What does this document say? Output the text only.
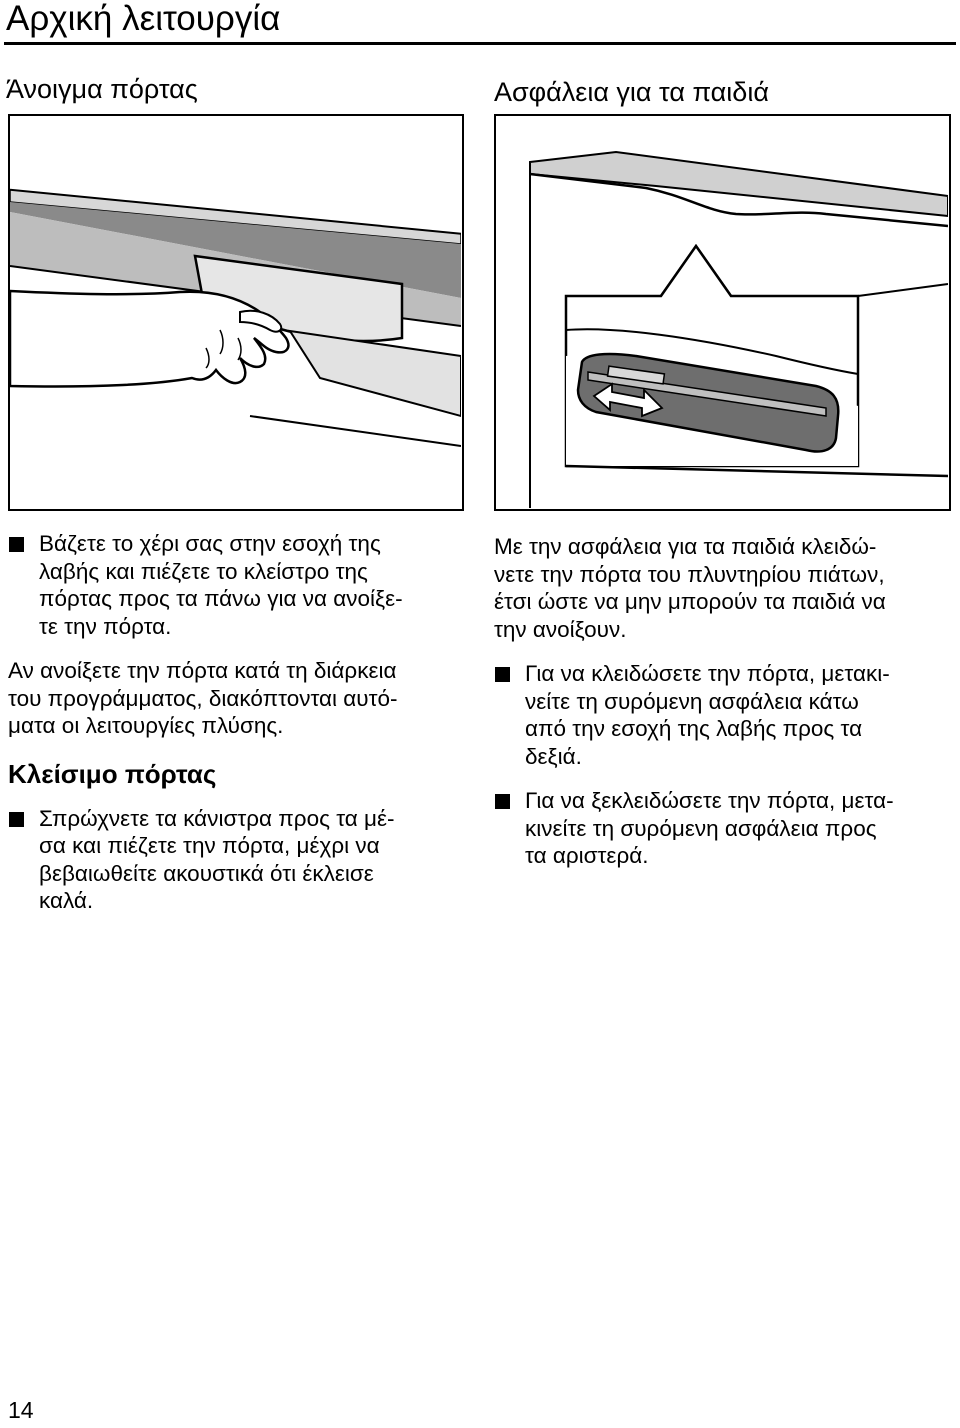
Αρχική λειτουργία
Άνοιγμα πόρτας	Ασφάλεια για τα παιδιά
Βάζετε το χέρι σας στην εσοχή της
λαβής και πιέζετε το κλείστρο της
πόρτας προς τα πάνω για να ανοίξε-
τε την πόρτα.
Αν ανοίξετε την πόρτα κατά τη διάρκεια
του προγράμματος, διακόπτονται αυτό-
ματα οι λειτουργίες πλύσης.
Κλείσιμο πόρτας
Σπρώχνετε τα κάνιστρα προς τα μέ-
σα και πιέζετε την πόρτα, μέχρι να
βεβαιωθείτε ακουστικά ότι έκλεισε
καλά.
Με την ασφάλεια για τα παιδιά κλειδώ-
νετε την πόρτα του πλυντηρίου πιάτων,
έτσι ώστε να μην μπορούν τα παιδιά να
την ανοίξουν.
Για να κλειδώσετε την πόρτα, μετακι-
νείτε τη συρόμενη ασφάλεια κάτω
από την εσοχή της λαβής προς τα
δεξιά.
Για να ξεκλειδώσετε την πόρτα, μετα-
κινείτε τη συρόμενη ασφάλεια προς
τα αριστερά.
14
